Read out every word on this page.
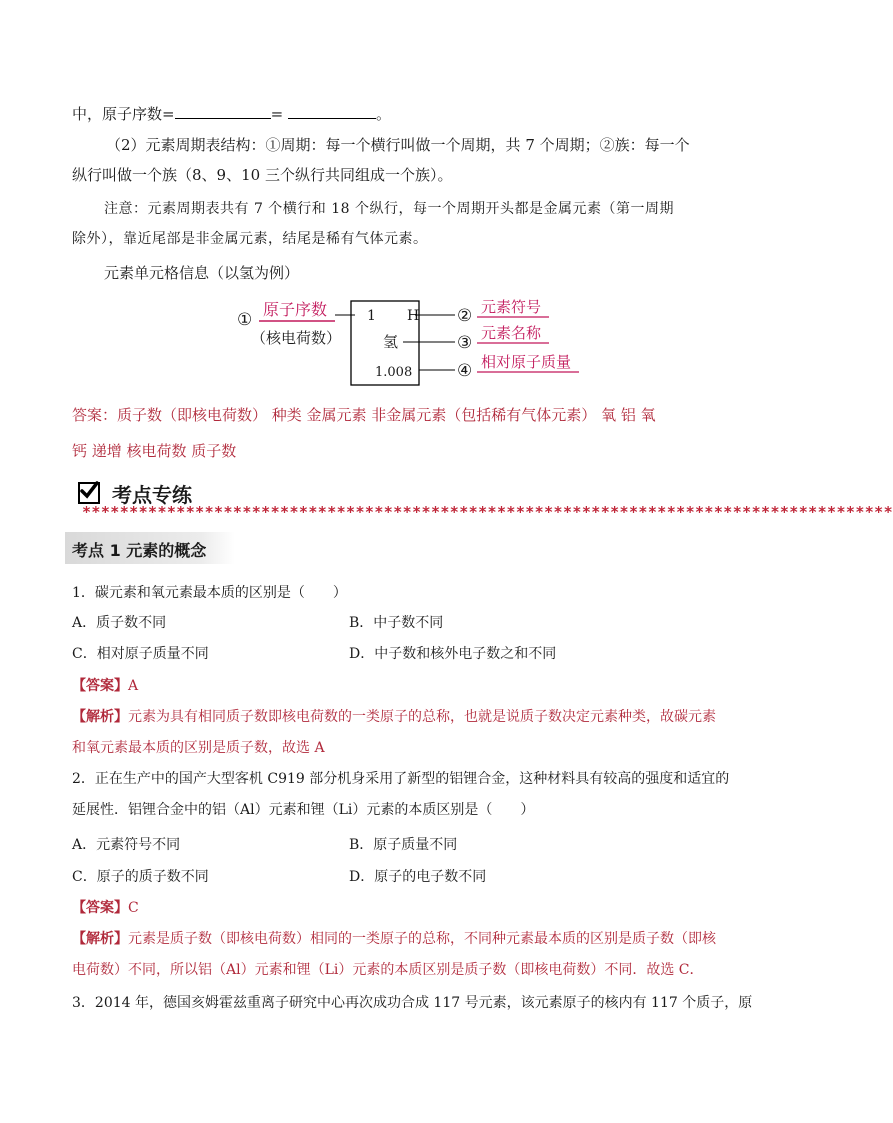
中，原子序数=	=	。
（2）元素周期表结构：①周期：每一个横行叫做一个周期，共 7 个周期；②族：每一个
纵行叫做一个族（8、9、10 三个纵行共同组成一个族）。
注意：元素周期表共有 7 个横行和 18 个纵行，每一个周期开头都是金属元素（第一周期
除外），靠近尾部是非金属元素，结尾是稀有气体元素。
元素单元格信息（以氢为例）
①
原子序数
（核电荷数）
1 H
氢
1.008
②
③
④
元素符号
元素名称
相对原子质量
答案：质子数（即核电荷数） 种类 金属元素 非金属元素（包括稀有气体元素） 氧 铝 氧
钙 递增 核电荷数 质子数
考点专练
**************************************************************************************
考点 1 元素的概念
1．碳元素和氧元素最本质的区别是（　　）
A．质子数不同	B．中子数不同
C．相对原子质量不同	D．中子数和核外电子数之和不同
【答案】A
【解析】元素为具有相同质子数即核电荷数的一类原子的总称，也就是说质子数决定元素种类，故碳元素
和氧元素最本质的区别是质子数，故选 A
2．正在生产中的国产大型客机 C919 部分机身采用了新型的铝锂合金，这种材料具有较高的强度和适宜的
延展性．铝锂合金中的铝（Al）元素和锂（Li）元素的本质区别是（　　）
A．元素符号不同	B．原子质量不同
C．原子的质子数不同	D．原子的电子数不同
【答案】C
【解析】元素是质子数（即核电荷数）相同的一类原子的总称，不同种元素最本质的区别是质子数（即核
电荷数）不同，所以铝（Al）元素和锂（Li）元素的本质区别是质子数（即核电荷数）不同．故选 C．
3．2014 年，德国亥姆霍兹重离子研究中心再次成功合成 117 号元素，该元素原子的核内有 117 个质子，原
